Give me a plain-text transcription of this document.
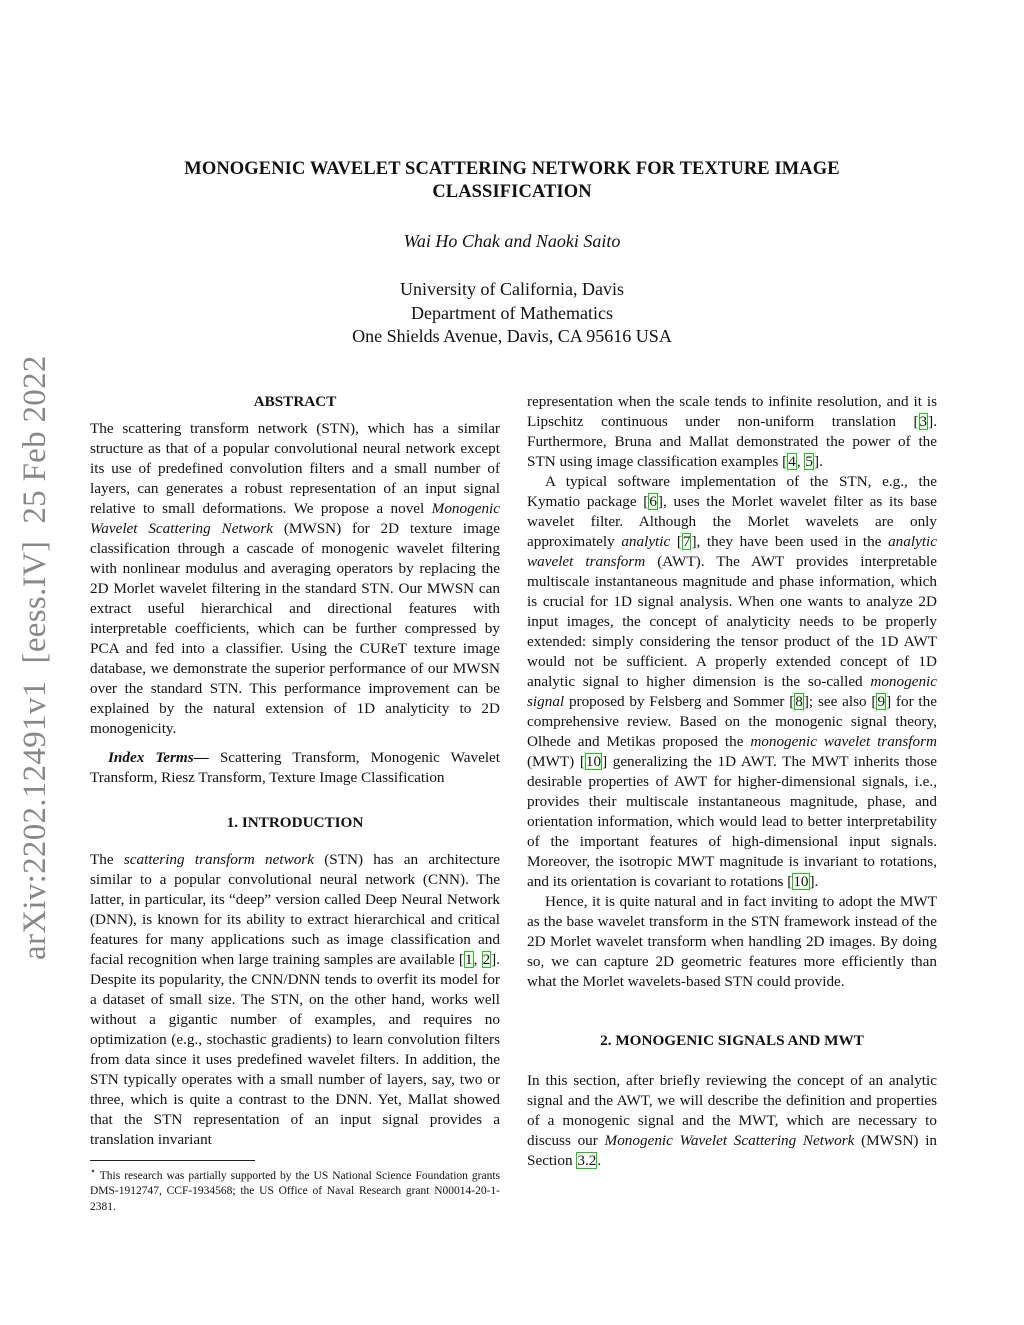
MONOGENIC WAVELET SCATTERING NETWORK FOR TEXTURE IMAGE
CLASSIFICATION
Wai Ho Chak and Naoki Saito
University of California, Davis
Department of Mathematics
One Shields Avenue, Davis, CA 95616 USA
arXiv:2202.12491v1  [eess.IV]  25 Feb 2022	ABSTRACT

The scattering transform network (STN), which has a similar structure as that of a popular convolutional neural network except its use of predefined convolution filters and a small number of layers, can generates a robust representation of an input signal relative to small deformations. We propose a novel Monogenic Wavelet Scattering Network (MWSN) for 2D texture image classification through a cascade of monogenic wavelet filtering with nonlinear modulus and averaging operators by replacing the 2D Morlet wavelet filtering in the standard STN. Our MWSN can extract useful hierarchical and directional features with interpretable coefficients, which can be further compressed by PCA and fed into a classifier. Using the CUReT texture image database, we demonstrate the superior performance of our MWSN over the standard STN. This performance improvement can be explained by the natural extension of 1D analyticity to 2D monogenicity.

Index Terms— Scattering Transform, Monogenic Wavelet Transform, Riesz Transform, Texture Image Classification

1. INTRODUCTION

The scattering transform network (STN) has an architecture similar to a popular convolutional neural network (CNN). The latter, in particular, its “deep” version called Deep Neural Network (DNN), is known for its ability to extract hierarchical and critical features for many applications such as image classification and facial recognition when large training samples are available [1, 2]. Despite its popularity, the CNN/DNN tends to overfit its model for a dataset of small size. The STN, on the other hand, works well without a gigantic number of examples, and requires no optimization (e.g., stochastic gradients) to learn convolution filters from data since it uses predefined wavelet filters. In addition, the STN typically operates with a small number of layers, say, two or three, which is quite a contrast to the DNN. Yet, Mallat showed that the STN representation of an input signal provides a translation invariant

⋆ This research was partially supported by the US National Science Foundation grants DMS-1912747, CCF-1934568; the US Office of Naval Research grant N00014-20-1-2381.

representation when the scale tends to infinite resolution, and it is Lipschitz continuous under non-uniform translation [3]. Furthermore, Bruna and Mallat demonstrated the power of the STN using image classification examples [4, 5].

A typical software implementation of the STN, e.g., the Kymatio package [6], uses the Morlet wavelet filter as its base wavelet filter. Although the Morlet wavelets are only approximately analytic [7], they have been used in the analytic wavelet transform (AWT). The AWT provides interpretable multiscale instantaneous magnitude and phase information, which is crucial for 1D signal analysis. When one wants to analyze 2D input images, the concept of analyticity needs to be properly extended: simply considering the tensor product of the 1D AWT would not be sufficient. A properly extended concept of 1D analytic signal to higher dimension is the so-called monogenic signal proposed by Felsberg and Sommer [8]; see also [9] for the comprehensive review. Based on the monogenic signal theory, Olhede and Metikas proposed the monogenic wavelet transform (MWT) [10] generalizing the 1D AWT. The MWT inherits those desirable properties of AWT for higher-dimensional signals, i.e., provides their multiscale instantaneous magnitude, phase, and orientation information, which would lead to better interpretability of the important features of high-dimensional input signals. Moreover, the isotropic MWT magnitude is invariant to rotations, and its orientation is covariant to rotations [10].

Hence, it is quite natural and in fact inviting to adopt the MWT as the base wavelet transform in the STN framework instead of the 2D Morlet wavelet transform when handling 2D images. By doing so, we can capture 2D geometric features more efficiently than what the Morlet wavelets-based STN could provide.

2. MONOGENIC SIGNALS AND MWT

In this section, after briefly reviewing the concept of an analytic signal and the AWT, we will describe the definition and properties of a monogenic signal and the MWT, which are necessary to discuss our Monogenic Wavelet Scattering Network (MWSN) in Section 3.2.
